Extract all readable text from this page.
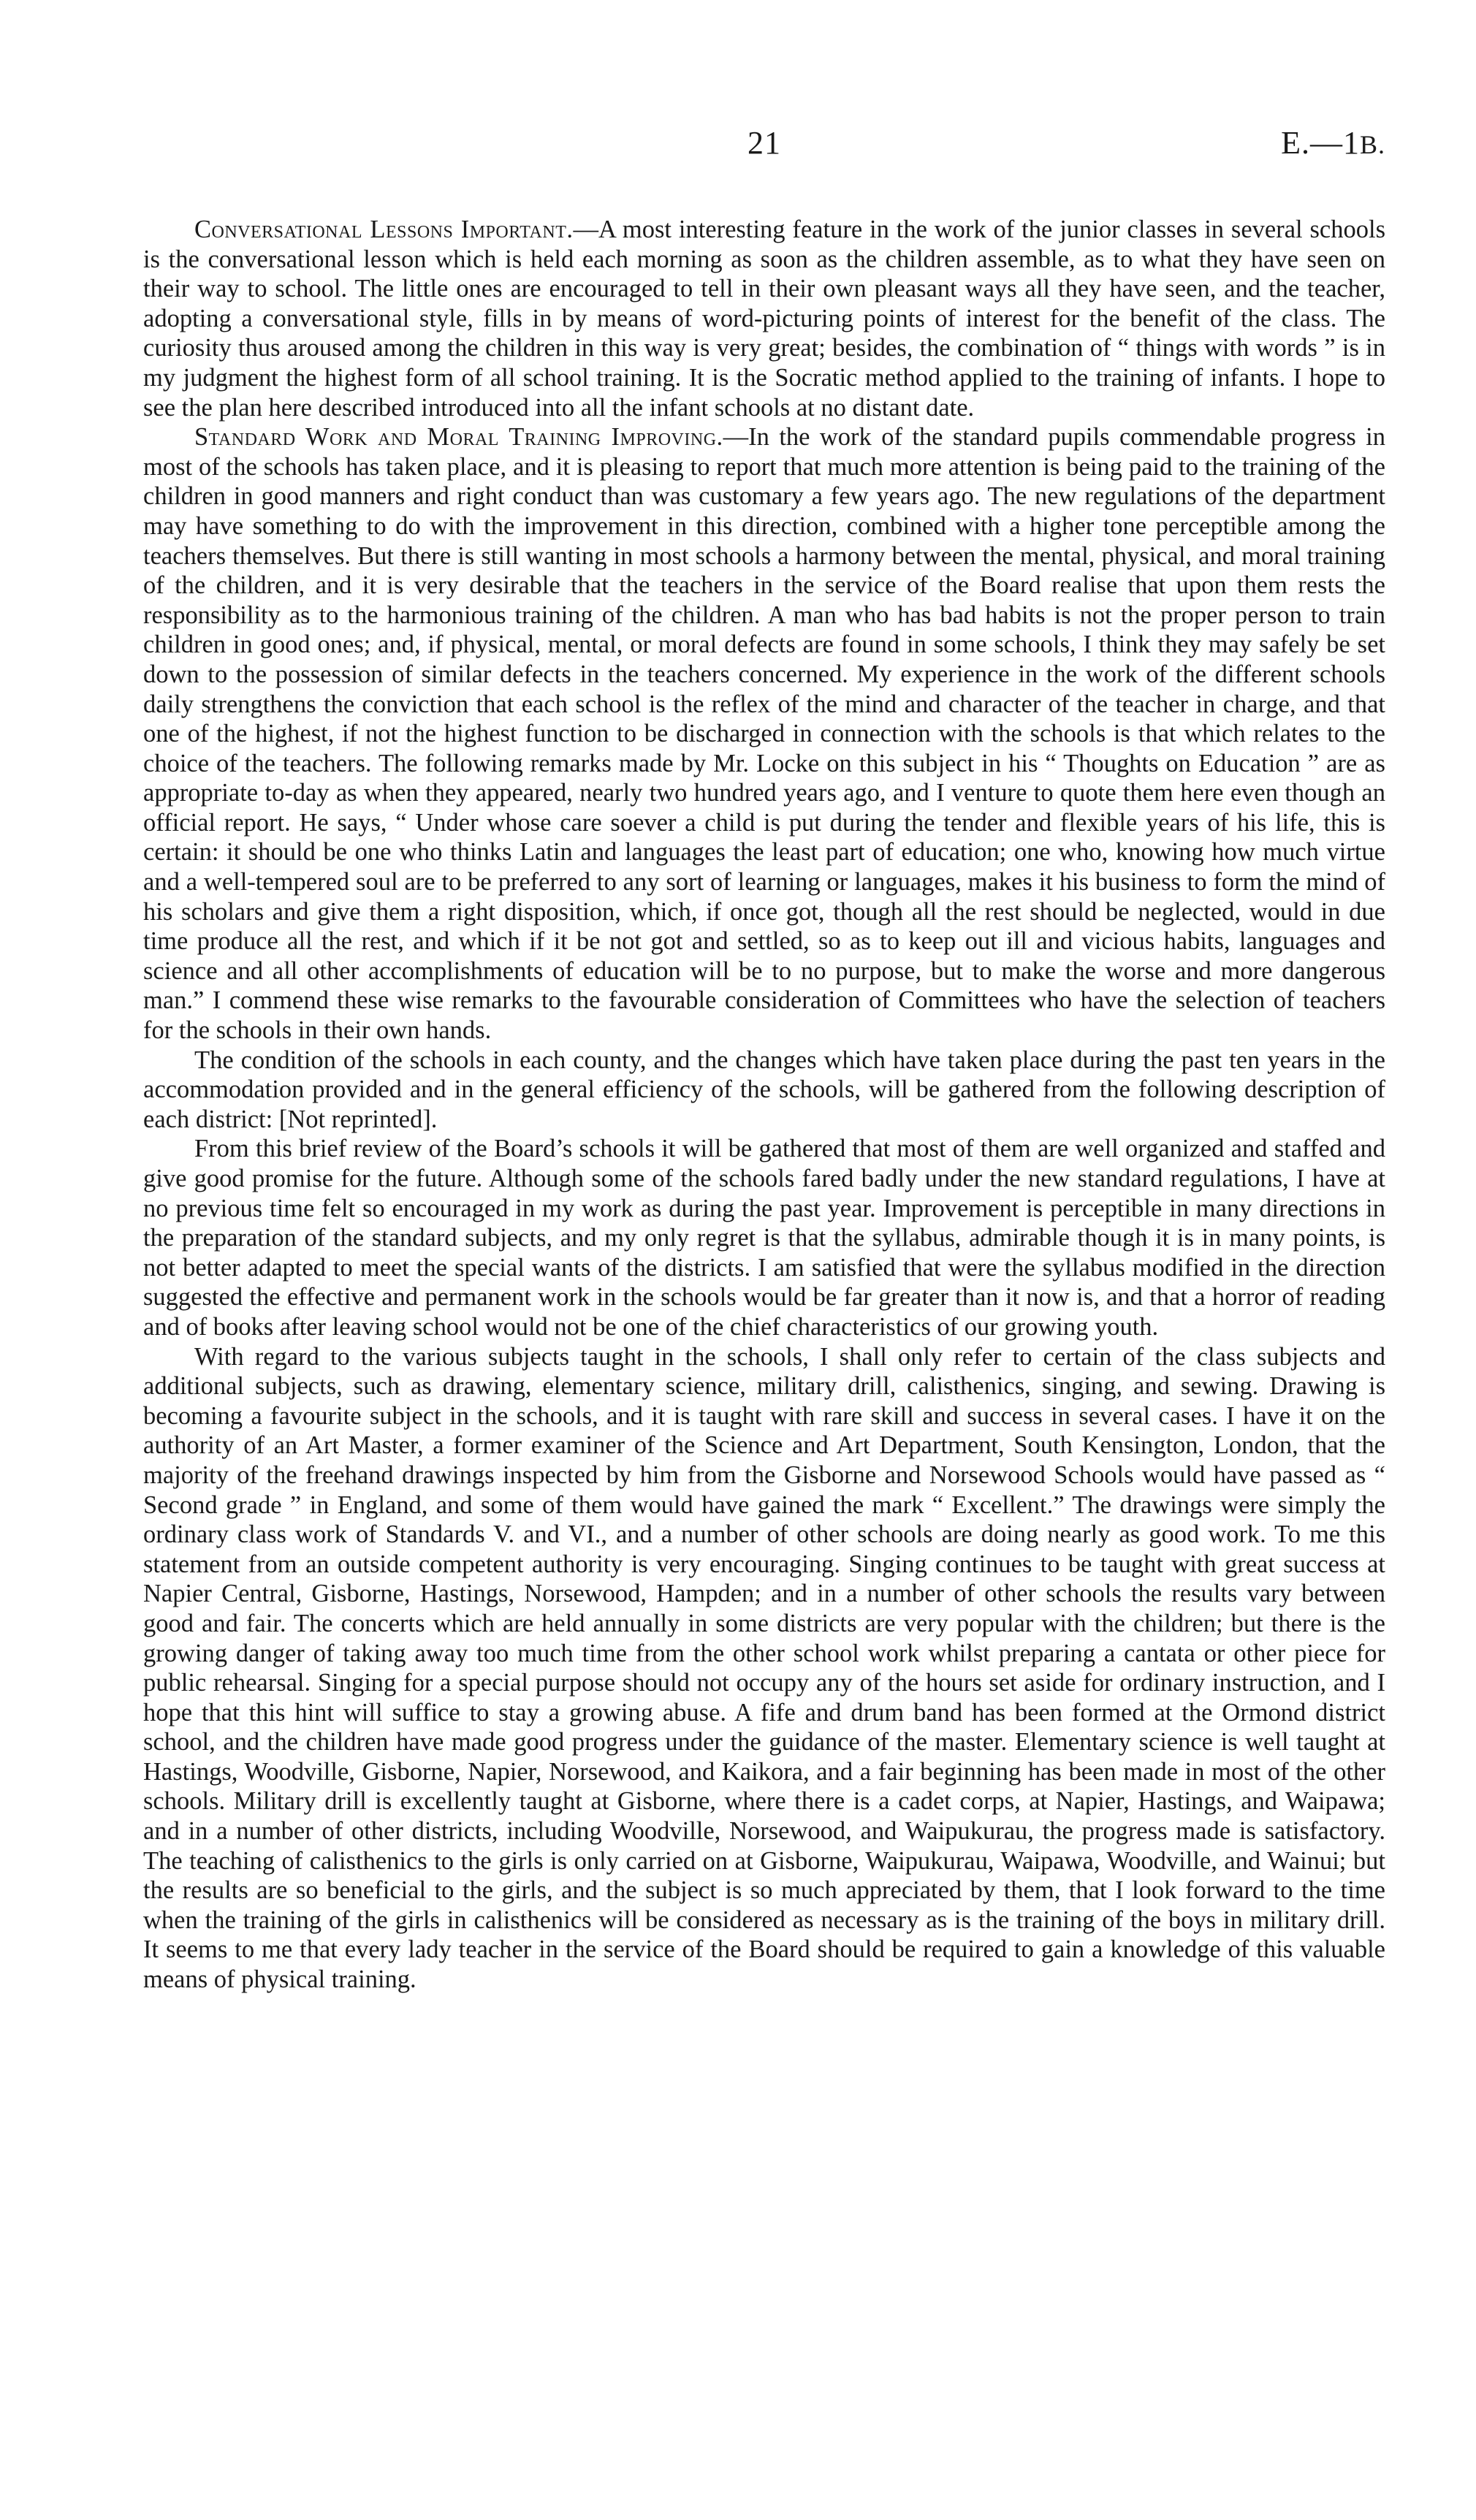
21	E.—1B.

Conversational Lessons Important.—A most interesting feature in the work of the junior classes in several schools is the conversational lesson which is held each morning as soon as the children assemble, as to what they have seen on their way to school. The little ones are encouraged to tell in their own pleasant ways all they have seen, and the teacher, adopting a conversational style, fills in by means of word-picturing points of interest for the benefit of the class. The curiosity thus aroused among the children in this way is very great; besides, the combination of “ things with words ” is in my judgment the highest form of all school training. It is the Socratic method applied to the training of infants. I hope to see the plan here described introduced into all the infant schools at no distant date.

Standard Work and Moral Training Improving.—In the work of the standard pupils commendable progress in most of the schools has taken place, and it is pleasing to report that much more attention is being paid to the training of the children in good manners and right conduct than was customary a few years ago. The new regulations of the department may have something to do with the improvement in this direction, combined with a higher tone perceptible among the teachers themselves. But there is still wanting in most schools a harmony between the mental, physical, and moral training of the children, and it is very desirable that the teachers in the service of the Board realise that upon them rests the responsibility as to the harmonious training of the children. A man who has bad habits is not the proper person to train children in good ones; and, if physical, mental, or moral defects are found in some schools, I think they may safely be set down to the possession of similar defects in the teachers concerned. My experience in the work of the different schools daily strengthens the conviction that each school is the reflex of the mind and character of the teacher in charge, and that one of the highest, if not the highest function to be discharged in connection with the schools is that which relates to the choice of the teachers. The following remarks made by Mr. Locke on this subject in his “ Thoughts on Education ” are as appropriate to-day as when they appeared, nearly two hundred years ago, and I venture to quote them here even though an official report. He says, “ Under whose care soever a child is put during the tender and flexible years of his life, this is certain: it should be one who thinks Latin and languages the least part of education; one who, knowing how much virtue and a well-tempered soul are to be preferred to any sort of learning or languages, makes it his business to form the mind of his scholars and give them a right disposition, which, if once got, though all the rest should be neglected, would in due time produce all the rest, and which if it be not got and settled, so as to keep out ill and vicious habits, languages and science and all other accomplishments of education will be to no purpose, but to make the worse and more dangerous man.” I commend these wise remarks to the favourable consideration of Committees who have the selection of teachers for the schools in their own hands.

The condition of the schools in each county, and the changes which have taken place during the past ten years in the accommodation provided and in the general efficiency of the schools, will be gathered from the following description of each district: [Not reprinted].

From this brief review of the Board’s schools it will be gathered that most of them are well organized and staffed and give good promise for the future. Although some of the schools fared badly under the new standard regulations, I have at no previous time felt so encouraged in my work as during the past year. Improvement is perceptible in many directions in the preparation of the standard subjects, and my only regret is that the syllabus, admirable though it is in many points, is not better adapted to meet the special wants of the districts. I am satisfied that were the syllabus modified in the direction suggested the effective and permanent work in the schools would be far greater than it now is, and that a horror of reading and of books after leaving school would not be one of the chief characteristics of our growing youth.

With regard to the various subjects taught in the schools, I shall only refer to certain of the class subjects and additional subjects, such as drawing, elementary science, military drill, calisthenics, singing, and sewing. Drawing is becoming a favourite subject in the schools, and it is taught with rare skill and success in several cases. I have it on the authority of an Art Master, a former examiner of the Science and Art Department, South Kensington, London, that the majority of the freehand drawings inspected by him from the Gisborne and Norsewood Schools would have passed as “ Second grade ” in England, and some of them would have gained the mark “ Excellent.” The drawings were simply the ordinary class work of Standards V. and VI., and a number of other schools are doing nearly as good work. To me this statement from an outside competent authority is very encouraging. Singing continues to be taught with great success at Napier Central, Gisborne, Hastings, Norsewood, Hampden; and in a number of other schools the results vary between good and fair. The concerts which are held annually in some districts are very popular with the children; but there is the growing danger of taking away too much time from the other school work whilst preparing a cantata or other piece for public rehearsal. Singing for a special purpose should not occupy any of the hours set aside for ordinary instruction, and I hope that this hint will suffice to stay a growing abuse. A fife and drum band has been formed at the Ormond district school, and the children have made good progress under the guidance of the master. Elementary science is well taught at Hastings, Woodville, Gisborne, Napier, Norsewood, and Kaikora, and a fair beginning has been made in most of the other schools. Military drill is excellently taught at Gisborne, where there is a cadet corps, at Napier, Hastings, and Waipawa; and in a number of other districts, including Woodville, Norsewood, and Waipukurau, the progress made is satisfactory. The teaching of calisthenics to the girls is only carried on at Gisborne, Waipukurau, Waipawa, Woodville, and Wainui; but the results are so beneficial to the girls, and the subject is so much appreciated by them, that I look forward to the time when the training of the girls in calisthenics will be considered as necessary as is the training of the boys in military drill. It seems to me that every lady teacher in the service of the Board should be required to gain a knowledge of this valuable means of physical training.
